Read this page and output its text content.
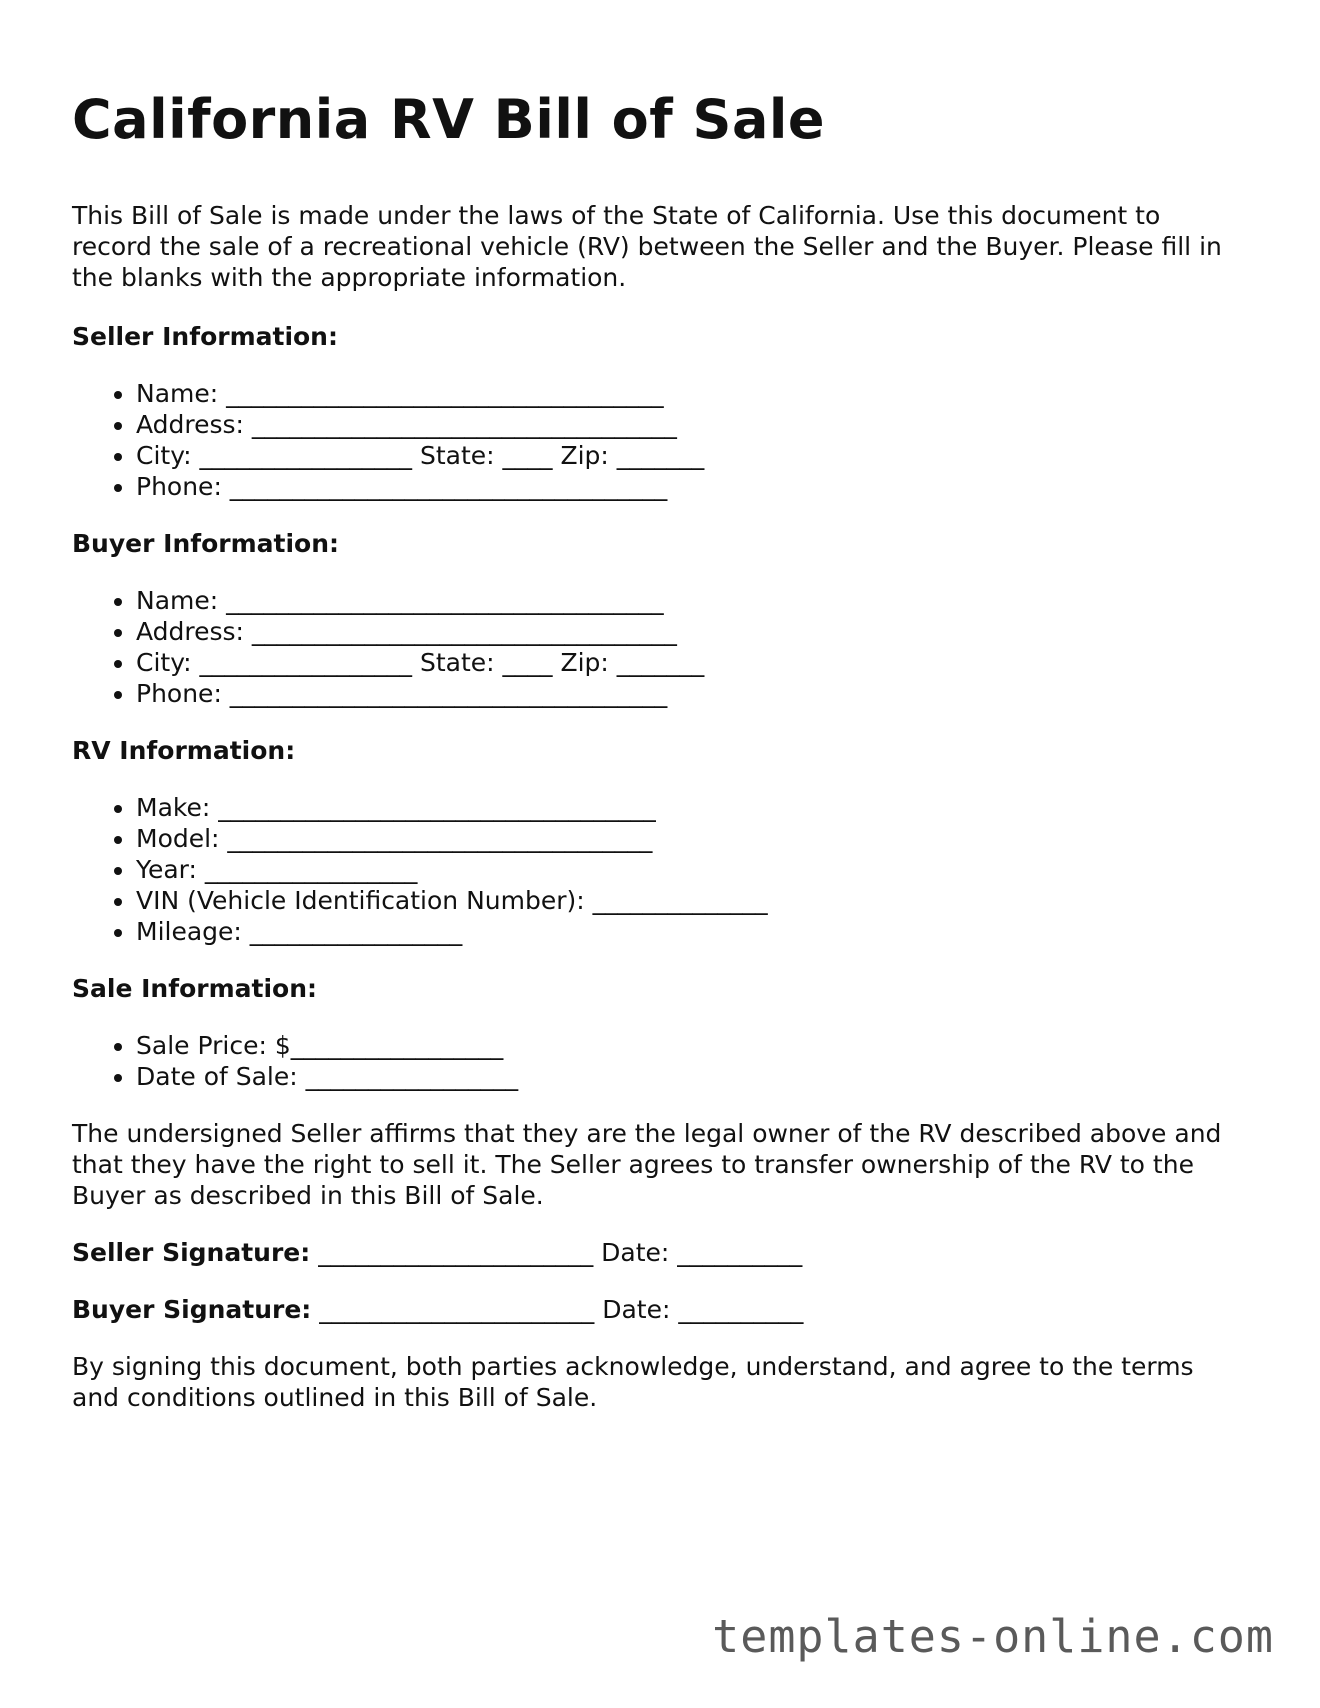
California RV Bill of Sale

This Bill of Sale is made under the laws of the State of California. Use this document to record the sale of a recreational vehicle (RV) between the Seller and the Buyer. Please fill in the blanks with the appropriate information.

Seller Information:
• Name: ___________________________________
• Address: __________________________________
• City: _________________ State: ____ Zip: _______
• Phone: ___________________________________
Buyer Information:
• Name: ___________________________________
• Address: __________________________________
• City: _________________ State: ____ Zip: _______
• Phone: ___________________________________
RV Information:
• Make: ___________________________________
• Model: __________________________________
• Year: _________________
• VIN (Vehicle Identification Number): ______________
• Mileage: _________________
Sale Information:
• Sale Price: $_________________
• Date of Sale: _________________

The undersigned Seller affirms that they are the legal owner of the RV described above and that they have the right to sell it. The Seller agrees to transfer ownership of the RV to the Buyer as described in this Bill of Sale.

Seller Signature: ______________________ Date: __________

Buyer Signature: ______________________ Date: __________

By signing this document, both parties acknowledge, understand, and agree to the terms and conditions outlined in this Bill of Sale.

templates-online.com
